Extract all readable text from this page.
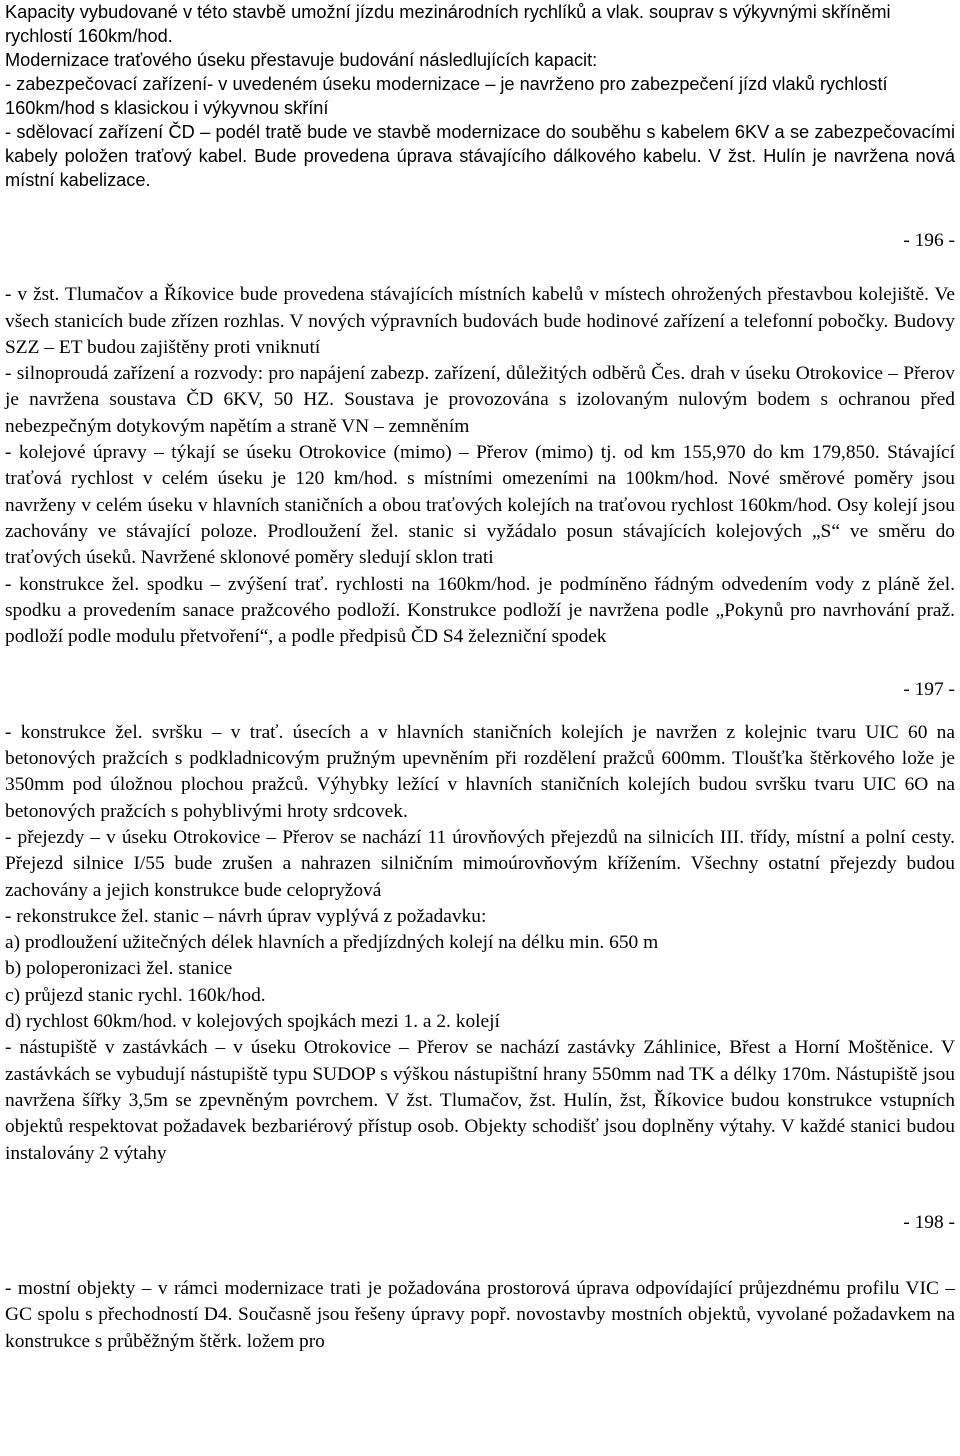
Kapacity vybudované v této stavbě umožní jízdu mezinárodních rychlíků a vlak. souprav s výkyvnými skříněmi rychlostí 160km/hod.

Modernizace traťového úseku přestavuje budování následlujících kapacit:

- zabezpečovací zařízení- v uvedeném úseku modernizace – je navrženo pro zabezpečení jízd vlaků rychlostí 160km/hod s klasickou i výkyvnou skříní

- sdělovací zařízení ČD – podél tratě bude ve stavbě modernizace do souběhu s kabelem 6KV a se zabezpečovacími kabely položen traťový kabel. Bude provedena úprava stávajícího dálkového kabelu. V žst. Hulín je navržena nová místní kabelizace.

- 196 -

- v žst. Tlumačov a Říkovice bude provedena stávajících místních kabelů v místech ohrožených přestavbou kolejiště. Ve všech stanicích bude zřízen rozhlas. V nových výpravních budovách bude hodinové zařízení a telefonní pobočky. Budovy SZZ – ET budou zajištěny proti vniknutí

- silnoproudá zařízení a rozvody: pro napájení zabezp. zařízení, důležitých odběrů Čes. drah v úseku Otrokovice – Přerov je navržena soustava ČD 6KV, 50 HZ. Soustava je provozována s izolovaným nulovým bodem s ochranou před nebezpečným dotykovým napětím a straně VN – zemněním

- kolejové úpravy – týkají se úseku Otrokovice (mimo) – Přerov (mimo) tj. od km 155,970 do km 179,850. Stávající traťová rychlost v celém úseku je 120 km/hod. s místními omezeními na 100km/hod. Nové směrové poměry jsou navrženy v celém úseku v hlavních staničních a obou traťových kolejích na traťovou rychlost 160km/hod. Osy kolejí jsou zachovány ve stávající poloze. Prodloužení žel. stanic si vyžádalo posun stávajících kolejových „S“ ve směru do traťových úseků. Navržené sklonové poměry sledují sklon trati

- konstrukce žel. spodku – zvýšení trať. rychlosti na 160km/hod. je podmíněno řádným odvedením vody z pláně žel. spodku a provedením sanace pražcového podloží. Konstrukce podloží je navržena podle „Pokynů pro navrhování praž. podloží podle modulu přetvoření“, a podle předpisů ČD S4 železniční spodek

- 197 -

- konstrukce žel. svršku – v trať. úsecích a v hlavních staničních kolejích je navržen z kolejnic tvaru UIC 60 na betonových pražcích s podkladnicovým pružným upevněním při rozdělení pražců 600mm. Tloušťka štěrkového lože je 350mm pod úložnou plochou pražců. Výhybky ležící v hlavních staničních kolejích budou svršku tvaru UIC 6O na betonových pražcích s pohyblivými hroty srdcovek.

- přejezdy – v úseku Otrokovice – Přerov se nachází 11 úrovňových přejezdů na silnicích III. třídy, místní a polní cesty. Přejezd silnice I/55 bude zrušen a nahrazen silničním mimoúrovňovým křížením. Všechny ostatní přejezdy budou zachovány a jejich konstrukce bude celopryžová

- rekonstrukce žel. stanic – návrh úprav vyplývá z požadavku:

a) prodloužení užitečných délek hlavních a předjízdných kolejí na délku min. 650 m

b) poloperonizaci žel. stanice

c) průjezd stanic rychl. 160k/hod.

d) rychlost 60km/hod. v kolejových spojkách mezi 1. a 2. kolejí

- nástupiště v zastávkách – v úseku Otrokovice – Přerov se nachází zastávky Záhlinice, Břest a Horní Moštěnice. V zastávkách se vybudují nástupiště typu SUDOP s výškou nástupištní hrany 550mm nad TK a délky 170m. Nástupiště jsou navržena šířky 3,5m se zpevněným povrchem. V žst. Tlumačov, žst. Hulín, žst, Říkovice budou konstrukce vstupních objektů respektovat požadavek bezbariérový přístup osob. Objekty schodišť jsou doplněny výtahy. V každé stanici budou instalovány 2 výtahy

- 198 -

- mostní objekty – v rámci modernizace trati je požadována prostorová úprava odpovídající průjezdnému profilu VIC – GC spolu s přechodností D4. Současně jsou řešeny úpravy popř. novostavby mostních objektů, vyvolané požadavkem na konstrukce s průběžným štěrk. ložem pro
